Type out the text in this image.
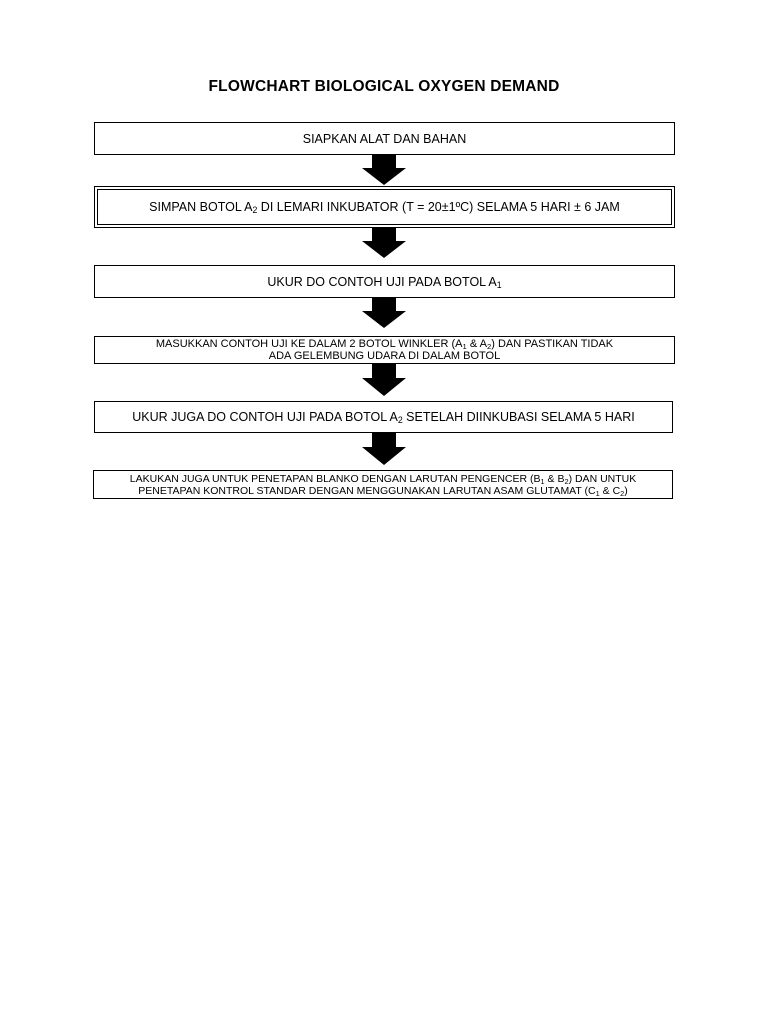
FLOWCHART BIOLOGICAL OXYGEN DEMAND
SIAPKAN ALAT DAN BAHAN
SIMPAN BOTOL $A_2$ DI LEMARI INKUBATOR (T = 20±1ºC) SELAMA 5 HARI ± 6 JAM
UKUR DO CONTOH UJI PADA BOTOL $A_1$
MASUKKAN CONTOH UJI KE DALAM 2 BOTOL WINKLER ($A_1$ & $A_2$) DAN PASTIKAN TIDAK
ADA GELEMBUNG UDARA DI DALAM BOTOL
UKUR JUGA DO CONTOH UJI PADA BOTOL $A_2$ SETELAH DIINKUBASI SELAMA 5 HARI
LAKUKAN JUGA UNTUK PENETAPAN BLANKO DENGAN LARUTAN PENGENCER ($B_1$ & $B_2$) DAN UNTUK
PENETAPAN KONTROL STANDAR DENGAN MENGGUNAKAN LARUTAN ASAM GLUTAMAT ($C_1$ & $C_2$)
